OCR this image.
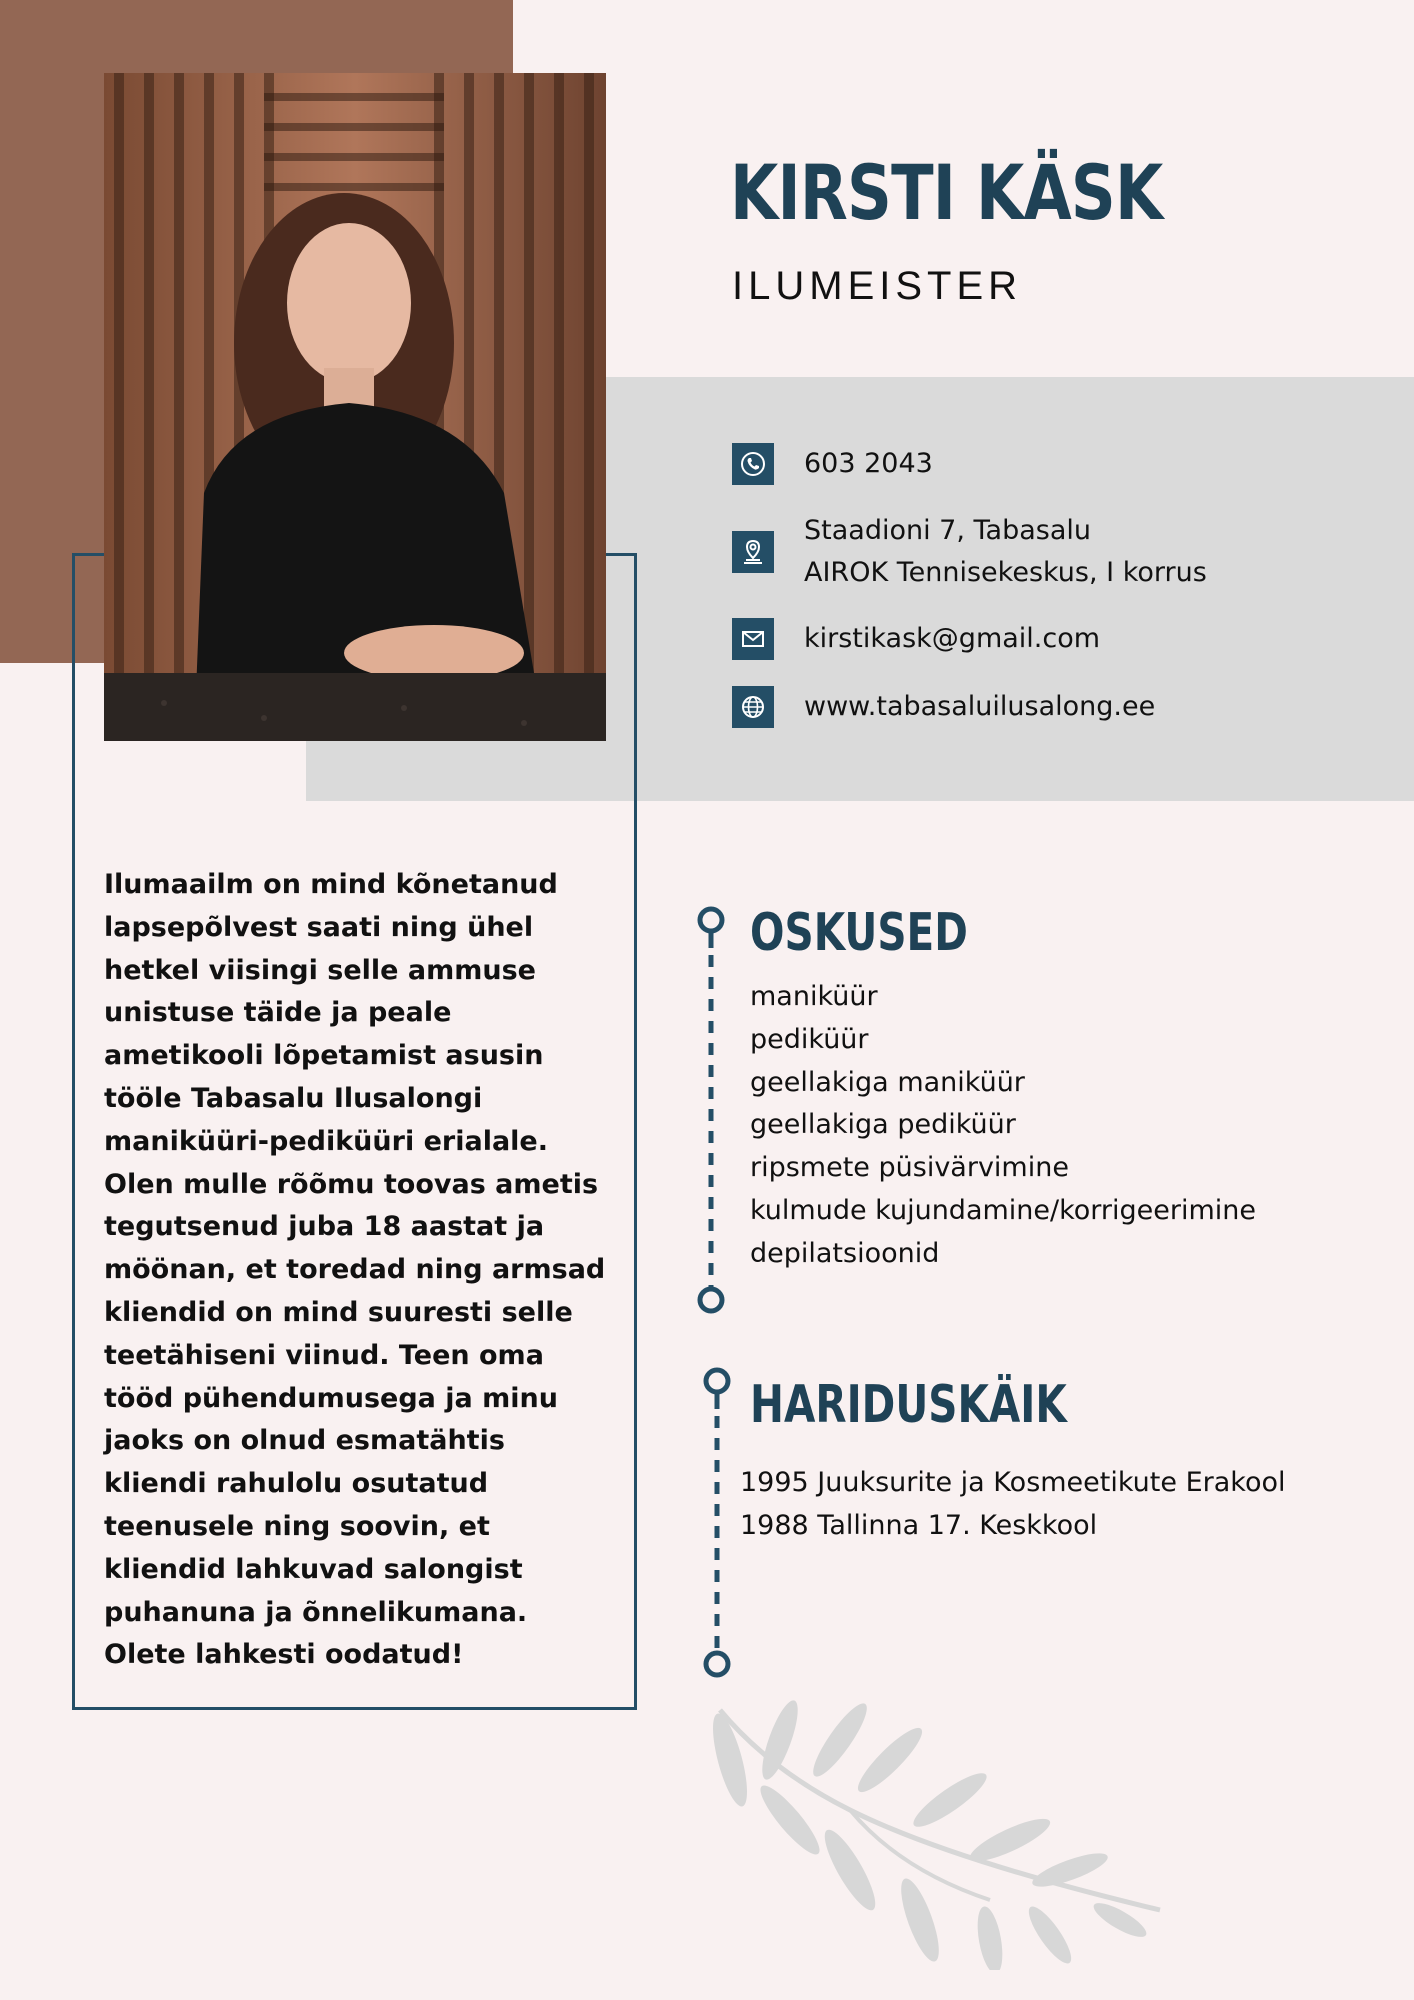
KIRSTI KÄSK
ILUMEISTER
603 2043
Staadioni 7, Tabasalu
AIROK Tennisekeskus, I korrus
kirstikask@gmail.com
www.tabasaluilusalong.ee

Ilumaailm on mind kõnetanud lapsepõlvest saati ning ühel hetkel viisingi selle ammuse unistuse täide ja peale ametikooli lõpetamist asusin tööle Tabasalu Ilusalongi maniküüri-pediküüri erialale. Olen mulle rõõmu toovas ametis tegutsenud juba 18 aastat ja möönan, et toredad ning armsad kliendid on mind suuresti selle teetähiseni viinud. Teen oma tööd pühendumusega ja minu jaoks on olnud esmatähtis kliendi rahulolu osutatud teenusele ning soovin, et kliendid lahkuvad salongist puhanuna ja õnnelikumana.

Olete lahkesti oodatud!

OSKUSED
maniküür
pediküür
geellakiga maniküür
geellakiga pediküür
ripsmete püsivärvimine
kulmude kujundamine/korrigeerimine
depilatsioonid
HARIDUSKÄIK
1995 Juuksurite ja Kosmeetikute Erakool
1988 Tallinna 17. Keskkool
